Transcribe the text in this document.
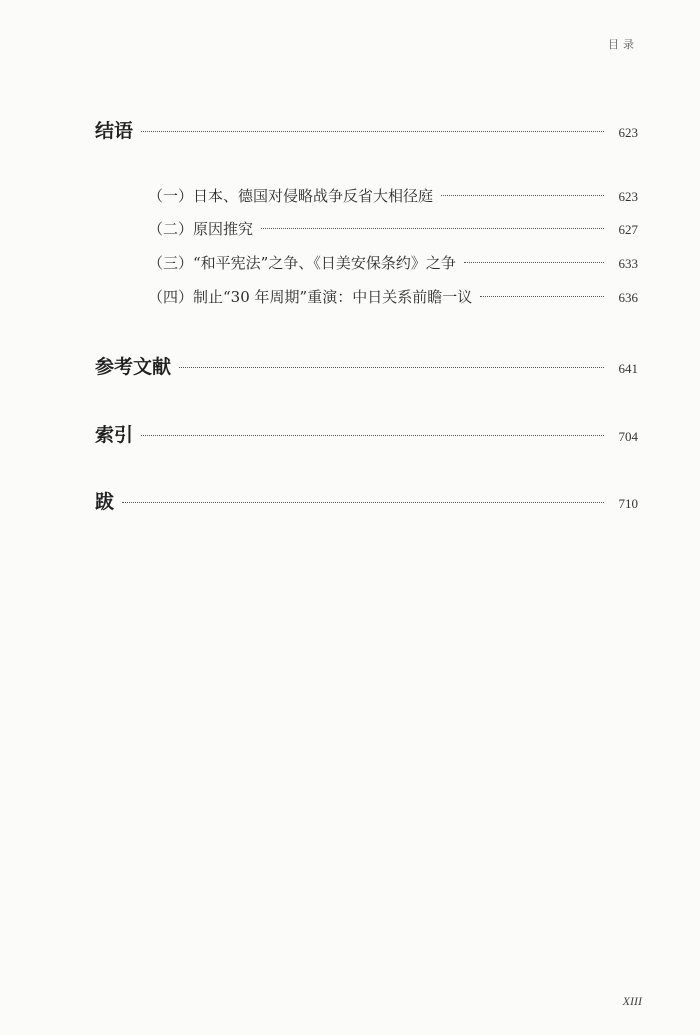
目录
结语	623
（一）日本、德国对侵略战争反省大相径庭	623
（二）原因推究	627
（三）“和平宪法”之争、《日美安保条约》之争	633
（四）制止“30 年周期”重演：中日关系前瞻一议	636
参考文献	641
索引	704
跋	710
XIII
